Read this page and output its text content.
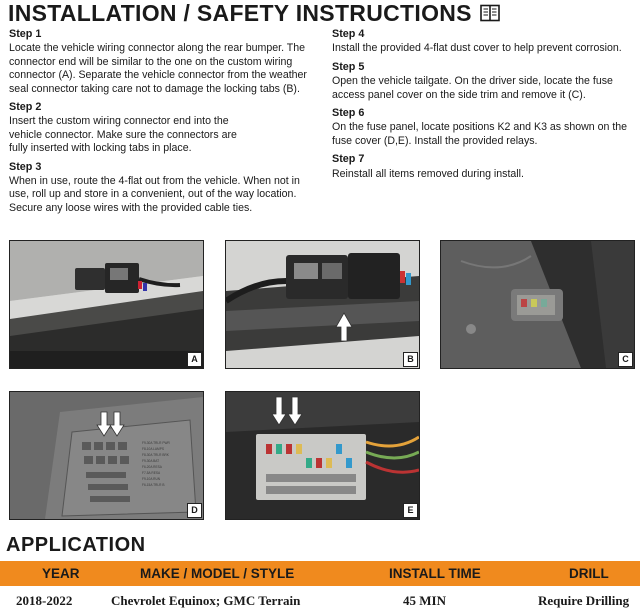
INSTALLATION / SAFETY INSTRUCTIONS
Step 1
Locate the vehicle wiring connector along the rear bumper. The connector end will be similar to the one on the custom wiring connector (A). Separate the vehicle connector from the weather seal connector taking care not to damage the locking tabs (B).
Step 2
Insert the custom wiring connector end into the vehicle connector. Make sure the connectors are fully inserted with locking tabs in place.
Step 3
When in use, route the 4-flat out from the vehicle. When not in use, roll up and store in a convenient, out of the way location. Secure any loose wires with the provided cable ties.
Step 4
Install the provided 4-flat dust cover to help prevent corrosion.
Step 5
Open the vehicle tailgate. On the driver side, locate the fuse access panel cover on the side trim and remove it (C).
Step 6
On the fuse panel, locate positions K2 and K3 as shown on the fuse cover (D,E). Install the provided relays.
Step 7
Reinstall all items removed during install.
A	B	C
F9-30A TRLR PWR
F8-10A LAMPS
F8-30A TRLR BRK
F9-30A BAT
F6-20A RESA
F7-5A RESA
F9-10A RUN
F6-15A TRLR B
D	E
APPLICATION
YEAR	MAKE / MODEL / STYLE	INSTALL TIME	DRILL
2018-2022	Chevrolet Equinox; GMC Terrain	45 MIN	Require Drilling
